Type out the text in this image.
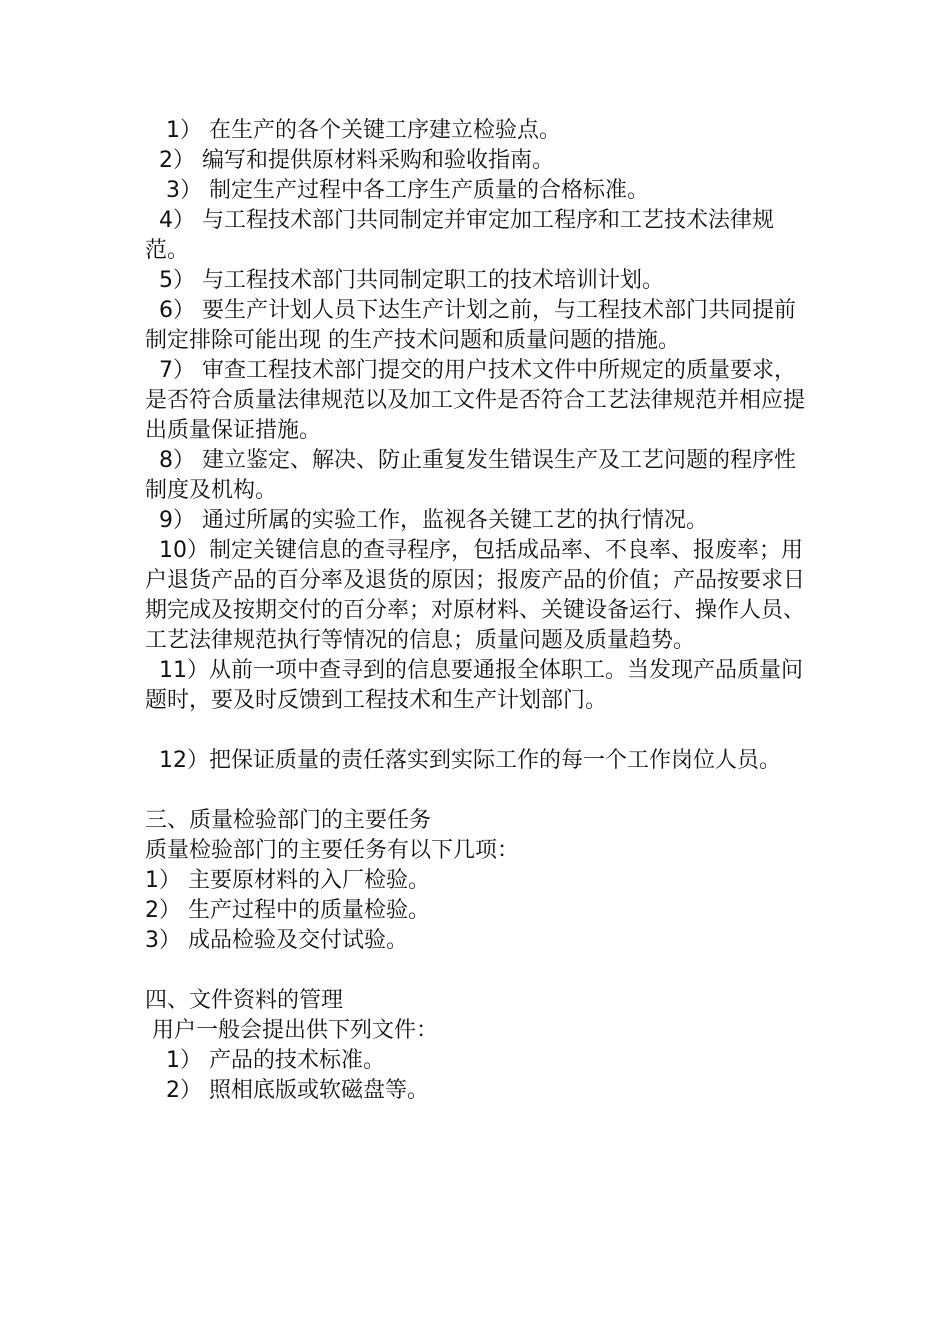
1） 在生产的各个关键工序建立检验点。

2） 编写和提供原材料采购和验收指南。

3） 制定生产过程中各工序生产质量的合格标准。

4） 与工程技术部门共同制定并审定加工程序和工艺技术法律规范。

5） 与工程技术部门共同制定职工的技术培训计划。

6） 要生产计划人员下达生产计划之前，与工程技术部门共同提前制定排除可能出现 的生产技术问题和质量问题的措施。

7） 审查工程技术部门提交的用户技术文件中所规定的质量要求，是否符合质量法律规范以及加工文件是否符合工艺法律规范并相应提出质量保证措施。

8） 建立鉴定、解决、防止重复发生错误生产及工艺问题的程序性制度及机构。

9） 通过所属的实验工作，监视各关键工艺的执行情况。

10）制定关键信息的查寻程序，包括成品率、不良率、报废率；用户退货产品的百分率及退货的原因；报废产品的价值；产品按要求日期完成及按期交付的百分率；对原材料、关键设备运行、操作人员、工艺法律规范执行等情况的信息；质量问题及质量趋势。

11）从前一项中查寻到的信息要通报全体职工。当发现产品质量问题时，要及时反馈到工程技术和生产计划部门。

12）把保证质量的责任落实到实际工作的每一个工作岗位人员。

三、质量检验部门的主要任务

质量检验部门的主要任务有以下几项：

1） 主要原材料的入厂检验。

2） 生产过程中的质量检验。

3） 成品检验及交付试验。

四、文件资料的管理

用户一般会提出供下列文件：

1） 产品的技术标准。

2） 照相底版或软磁盘等。
